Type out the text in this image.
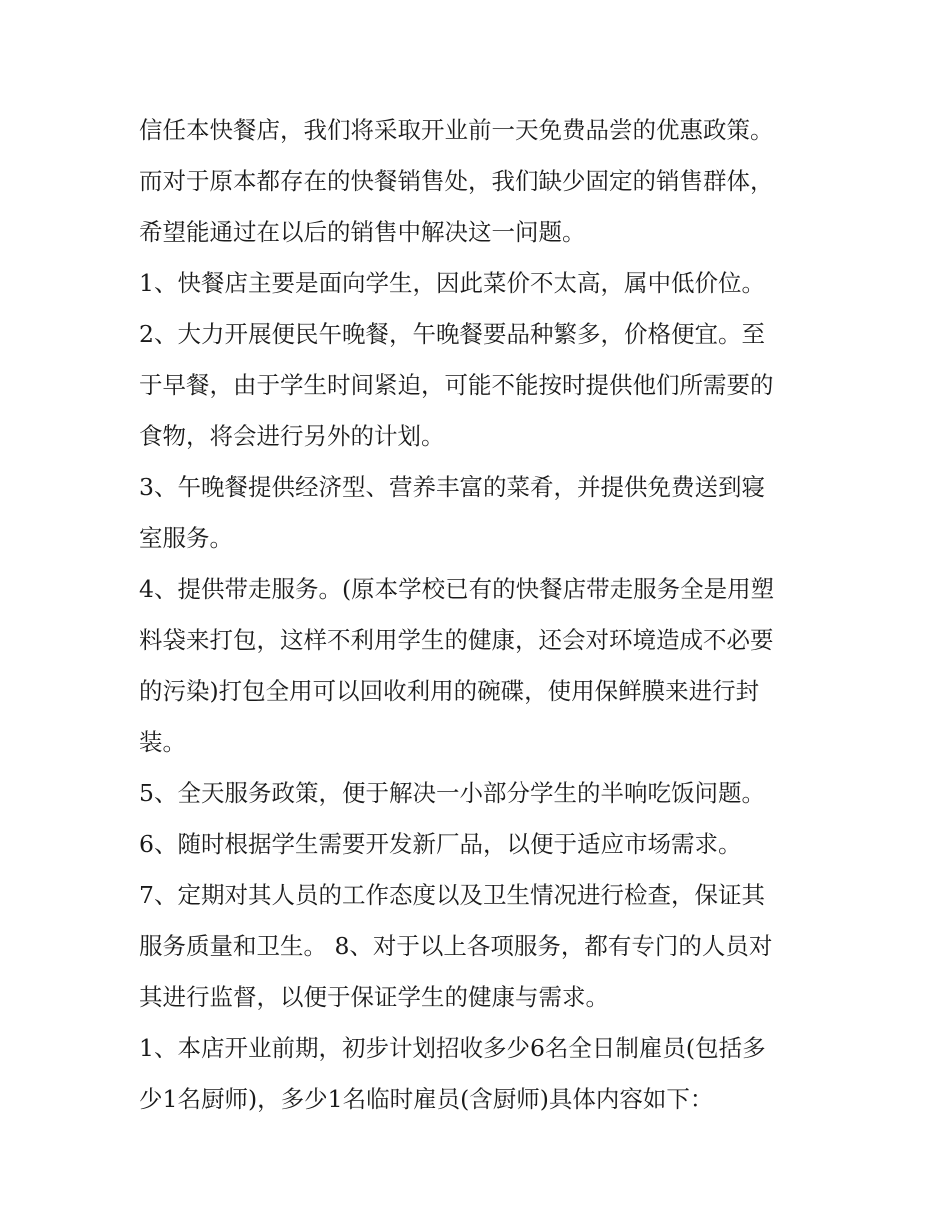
信任本快餐店，我们将采取开业前一天免费品尝的优惠政策。

而对于原本都存在的快餐销售处，我们缺少固定的销售群体，

希望能通过在以后的销售中解决这一问题。

1、快餐店主要是面向学生，因此菜价不太高，属中低价位。

2、大力开展便民午晚餐，午晚餐要品种繁多，价格便宜。至

于早餐，由于学生时间紧迫，可能不能按时提供他们所需要的

食物，将会进行另外的计划。

3、午晚餐提供经济型、营养丰富的菜肴，并提供免费送到寝

室服务。

4、提供带走服务。(原本学校已有的快餐店带走服务全是用塑

料袋来打包，这样不利用学生的健康，还会对环境造成不必要

的污染)打包全用可以回收利用的碗碟，使用保鲜膜来进行封

装。

5、全天服务政策，便于解决一小部分学生的半响吃饭问题。

6、随时根据学生需要开发新厂品，以便于适应市场需求。

7、定期对其人员的工作态度以及卫生情况进行检查，保证其

服务质量和卫生。 8、对于以上各项服务，都有专门的人员对

其进行监督，以便于保证学生的健康与需求。

1、本店开业前期，初步计划招收多少6名全日制雇员(包括多

少1名厨师)，多少1名临时雇员(含厨师)具体内容如下：
